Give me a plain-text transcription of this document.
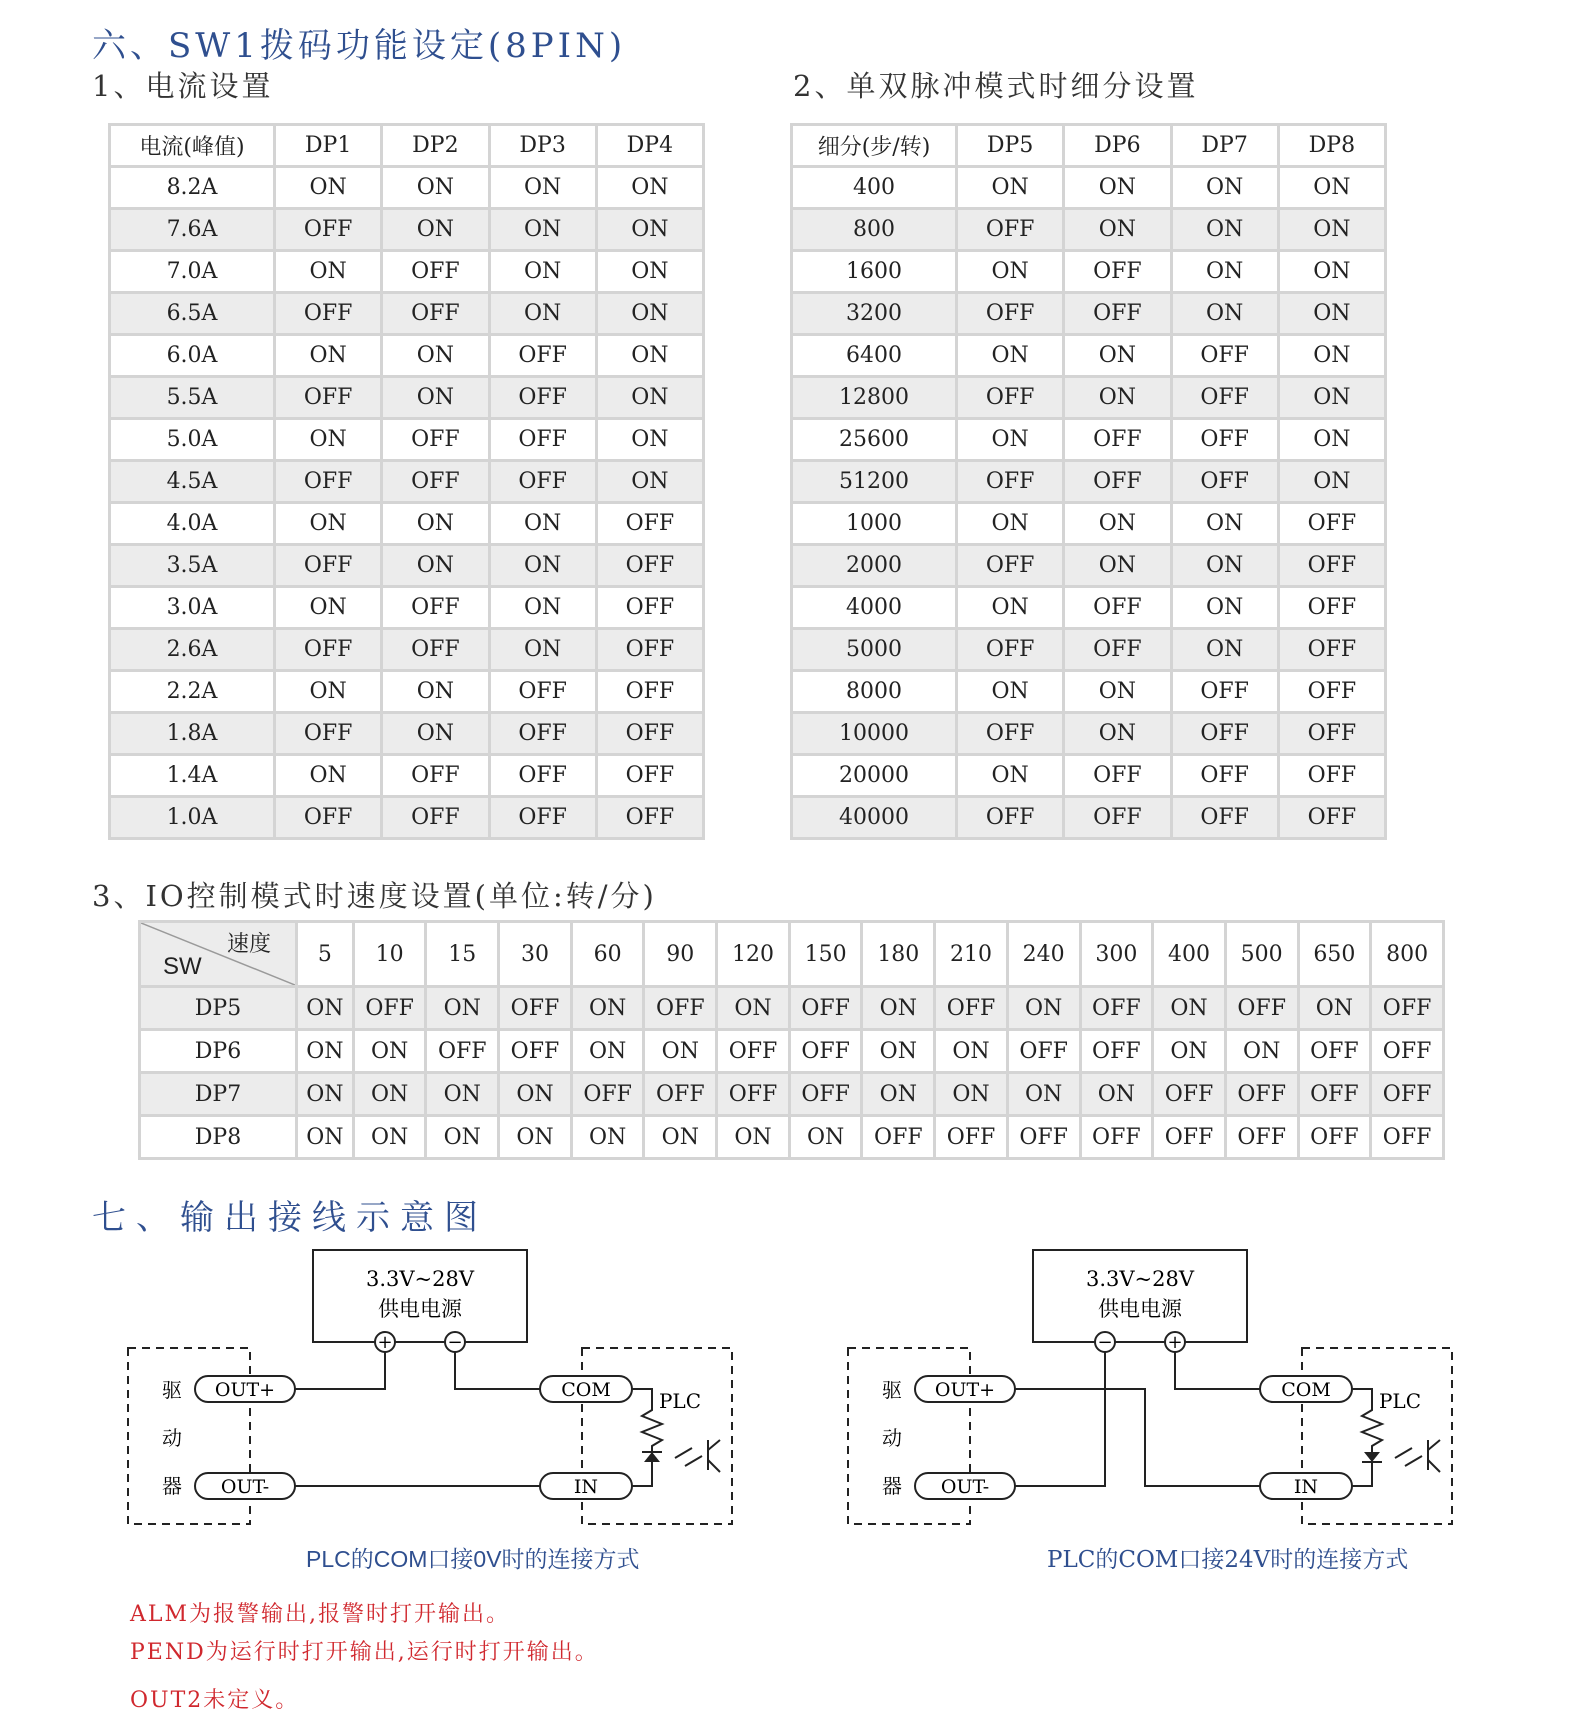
六、SW1拨码功能设定(8PIN)
1、电流设置	2、单双脉冲模式时细分设置
电流(峰值)	DP1	DP2	DP3	DP4
8.2A	ON	ON	ON	ON
7.6A	OFF	ON	ON	ON
7.0A	ON	OFF	ON	ON
6.5A	OFF	OFF	ON	ON
6.0A	ON	ON	OFF	ON
5.5A	OFF	ON	OFF	ON
5.0A	ON	OFF	OFF	ON
4.5A	OFF	OFF	OFF	ON
4.0A	ON	ON	ON	OFF
3.5A	OFF	ON	ON	OFF
3.0A	ON	OFF	ON	OFF
2.6A	OFF	OFF	ON	OFF
2.2A	ON	ON	OFF	OFF
1.8A	OFF	ON	OFF	OFF
1.4A	ON	OFF	OFF	OFF
1.0A	OFF	OFF	OFF	OFF
细分(步/转)	DP5	DP6	DP7	DP8
400	ON	ON	ON	ON
800	OFF	ON	ON	ON
1600	ON	OFF	ON	ON
3200	OFF	OFF	ON	ON
6400	ON	ON	OFF	ON
12800	OFF	ON	OFF	ON
25600	ON	OFF	OFF	ON
51200	OFF	OFF	OFF	ON
1000	ON	ON	ON	OFF
2000	OFF	ON	ON	OFF
4000	ON	OFF	ON	OFF
5000	OFF	OFF	ON	OFF
8000	ON	ON	OFF	OFF
10000	OFF	ON	OFF	OFF
20000	ON	OFF	OFF	OFF
40000	OFF	OFF	OFF	OFF
3、IO控制模式时速度设置(单位:转/分)
速度
SW	5	10	15	30	60	90	120	150	180	210	240	300	400	500	650	800
DP5	ON	OFF	ON	OFF	ON	OFF	ON	OFF	ON	OFF	ON	OFF	ON	OFF	ON	OFF
DP6	ON	ON	OFF	OFF	ON	ON	OFF	OFF	ON	ON	OFF	OFF	ON	ON	OFF	OFF
DP7	ON	ON	ON	ON	OFF	OFF	OFF	OFF	ON	ON	ON	ON	OFF	OFF	OFF	OFF
DP8	ON	ON	ON	ON	ON	ON	ON	ON	OFF	OFF	OFF	OFF	OFF	OFF	OFF	OFF
七、输出接线示意图
3.3V~28V
供电电源
驱
动
器
OUT+
OUT-
COM
IN
PLC
+	−
PLC的COM口接0V时的连接方式
3.3V~28V
供电电源
驱
动
器
OUT+
OUT-
COM
IN
PLC
−	+
PLC的COM口接24V时的连接方式
ALM为报警输出,报警时打开输出。
PEND为运行时打开输出,运行时打开输出。
OUT2未定义。
